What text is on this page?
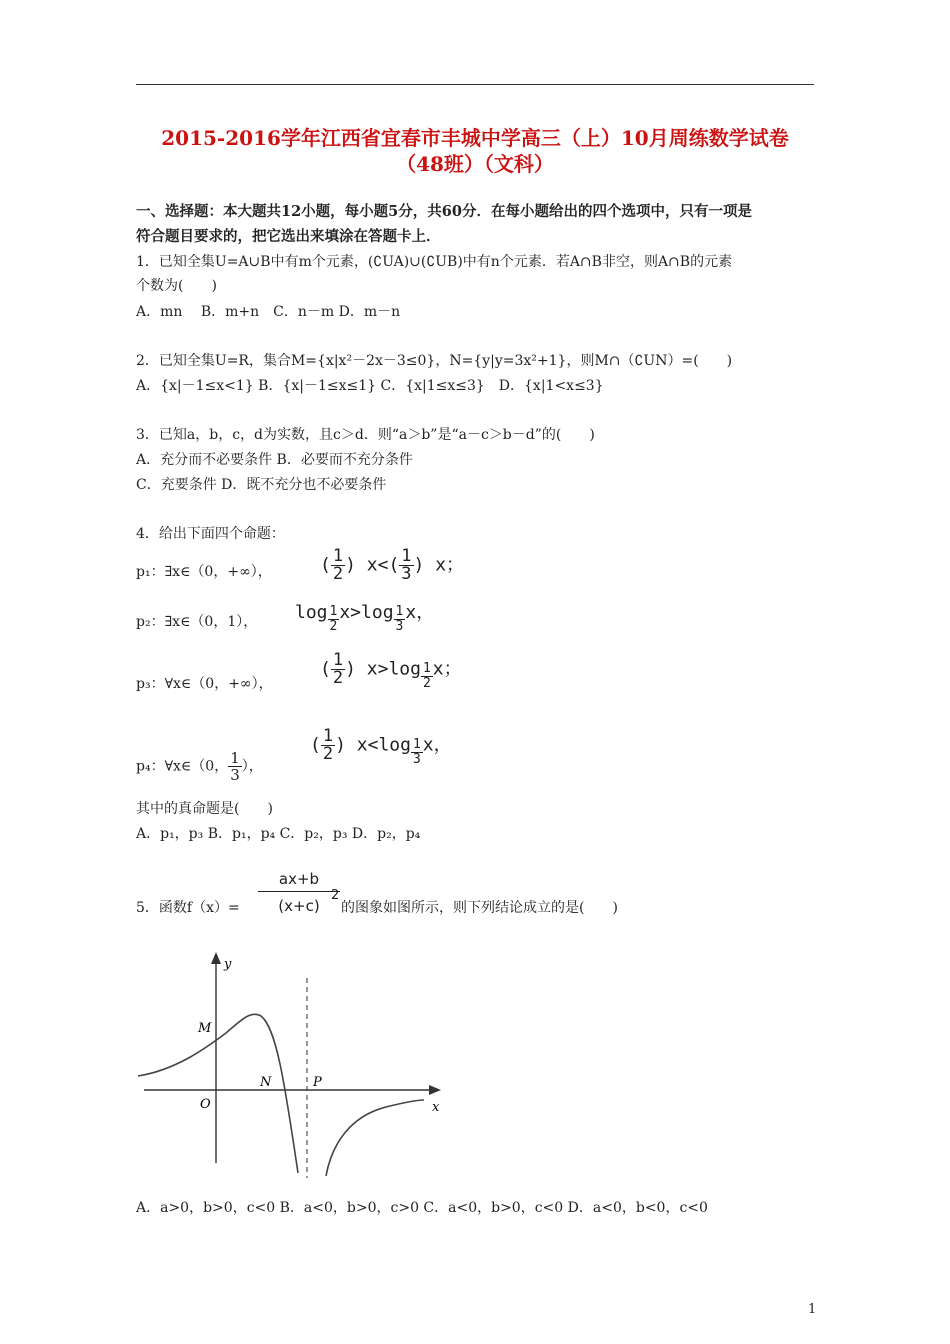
2015-2016学年江西省宜春市丰城中学高三（上）10月周练数学试卷
（48班）（文科）
一、选择题：本大题共12小题，每小题5分，共60分．在每小题给出的四个选项中，只有一项是
符合题目要求的，把它选出来填涂在答题卡上．
1．已知全集U=A∪B中有m个元素，(∁UA)∪(∁UB)中有n个元素．若A∩B非空，则A∩B的元素
个数为(　　)
A．mn　 B．m+n　C．n－m D．m－n
2．已知全集U=R，集合M={x|x²－2x－3≤0}，N={y|y=3x²+1}，则M∩（∁UN）=(　　)
A．{x|－1≤x<1} B．{x|－1≤x≤1} C．{x|1≤x≤3}　D．{x|1<x≤3}
3．已知a，b，c，d为实数，且c＞d．则“a＞b”是“a－c＞b－d”的(　　)
A．充分而不必要条件 B．必要而不充分条件
C．充要条件 D．既不充分也不必要条件
4．给出下面四个命题：
p₁：∃x∈（0，+∞），	( $\frac{1}{2}$ ) $x<( \frac{1}{3}$ ) x；
p₂：∃x∈（0，1）， $\log \frac{1}{2} x>\log \frac{1}{3}$ x，
p₃：∀x∈（0，+∞），
( $\frac{1}{2}$ ) $x>\log \frac{1}{2}$ x；
p₄：∀x∈（0， $\frac{1}{3}$ ），
( $\frac{1}{2}$ ) $x<\log \frac{1}{3}$ x，
其中的真命题是(　　)
A．p₁，p₃ B．p₁，p₄ C．p₂，p₃ D．p₂，p₄
5．函数$f(x)= \frac{ax+b}{(x+c)}$
2
的图象如图所示，则下列结论成立的是(　　)
y
x
O
M
N	P
A．a>0，b>0，c<0 B．a<0，b>0，c>0 C．a<0，b>0，c<0 D．a<0，b<0，c<0
1
